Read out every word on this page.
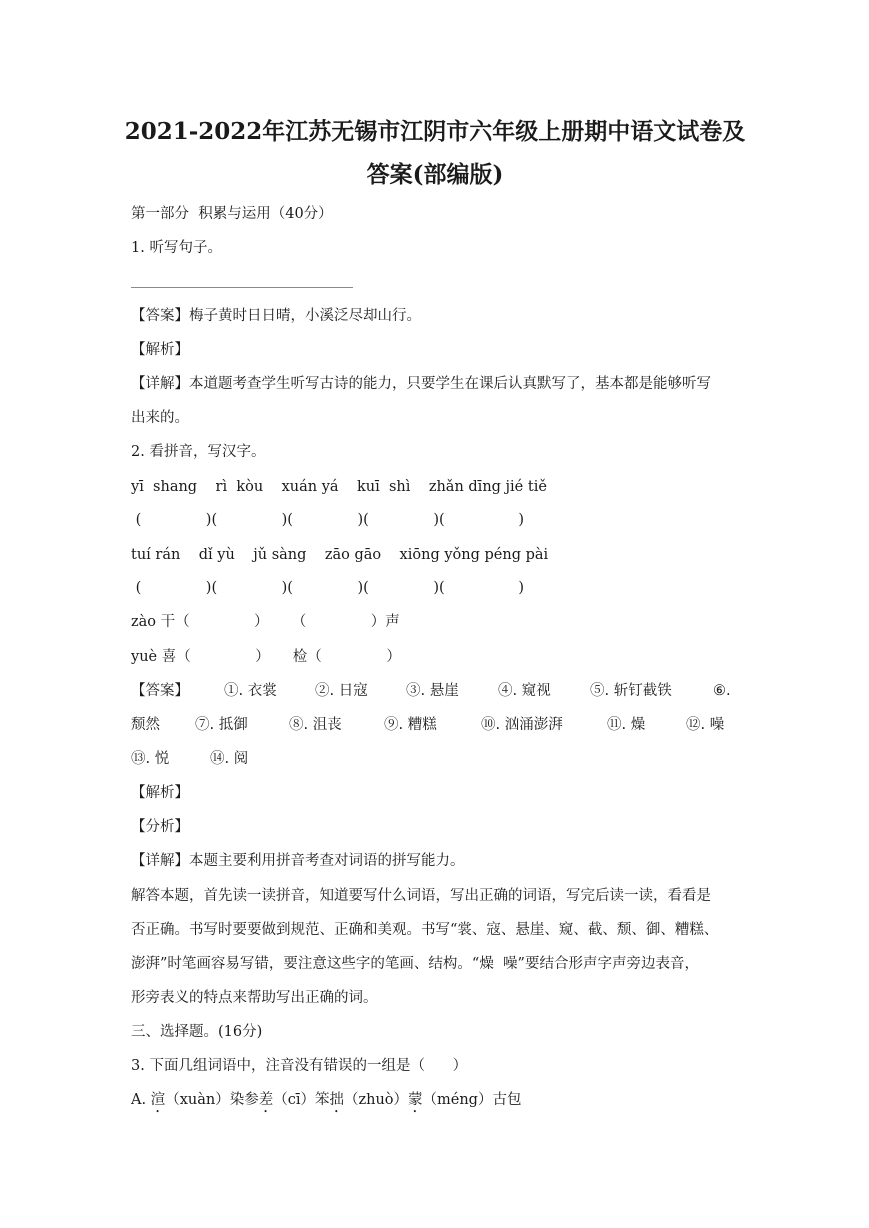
2021-2022年江苏无锡市江阴市六年级上册期中语文试卷及
答案(部编版)
第一部分  积累与运用（40分）
1. 听写句子。
【答案】梅子黄时日日晴，小溪泛尽却山行。
【解析】
【详解】本道题考查学生听写古诗的能力，只要学生在课后认真默写了，基本都是能够听写
出来的。
2. 看拼音，写汉字。
yī  shang    rì  kòu    xuán yá    kuī  shì    zhǎn dīng jié tiě
(              )(              )(              )(              )(                )
tuí rán    dǐ yù    jǔ sàng    zāo gāo    xiōng yǒng péng pài
(              )(              )(              )(              )(                )
zào 干（              ）     （              ）声
yuè 喜（              ）     检（              ）
【答案】 ①. 衣裳	②. 日寇	③. 悬崖	④. 窥视	⑤. 斩钉截铁	⑥.
颓然 ⑦. 抵御	⑧. 沮丧	⑨. 糟糕	⑩. 汹涌澎湃	⑪. 燥	⑫. 噪
⑬. 悦	⑭. 阅
【解析】
【分析】
【详解】本题主要利用拼音考查对词语的拼写能力。
解答本题，首先读一读拼音，知道要写什么词语，写出正确的词语，写完后读一读，看看是
否正确。书写时要要做到规范、正确和美观。书写“裳、寇、悬崖、窥、截、颓、御、糟糕、
澎湃”时笔画容易写错，要注意这些字的笔画、结构。“燥  噪”要结合形声字声旁边表音，
形旁表义的特点来帮助写出正确的词。
三、选择题。(16分)
3. 下面几组词语中，注音没有错误的一组是（      ）
A. 渲（xuàn）染参差（cī）笨拙（zhuò）蒙（méng）古包
